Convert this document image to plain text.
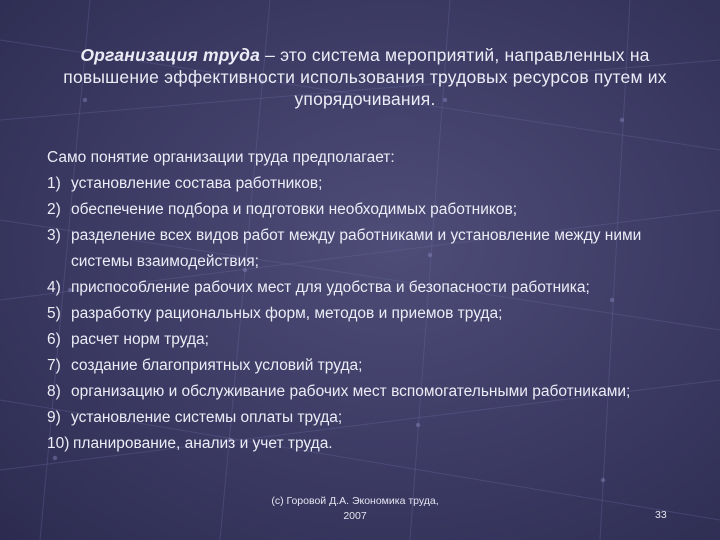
Организация труда – это система мероприятий, направленных на повышение эффективности использования трудовых ресурсов путем их упорядочивания.
Само понятие организации труда предполагает:
1) установление состава работников;
2) обеспечение подбора и подготовки необходимых работников;
3) разделение всех видов работ между работниками и установление между ними системы взаимодействия;
4) приспособление рабочих мест для удобства и безопасности работника;
5) разработку рациональных форм, методов и приемов труда;
6) расчет норм труда;
7) создание благоприятных условий труда;
8) организацию и обслуживание рабочих мест вспомогательными работниками;
9) установление системы оплаты труда;
10) планирование, анализ и учет труда.
(с) Горовой Д.А. Экономика труда,
2007	33
